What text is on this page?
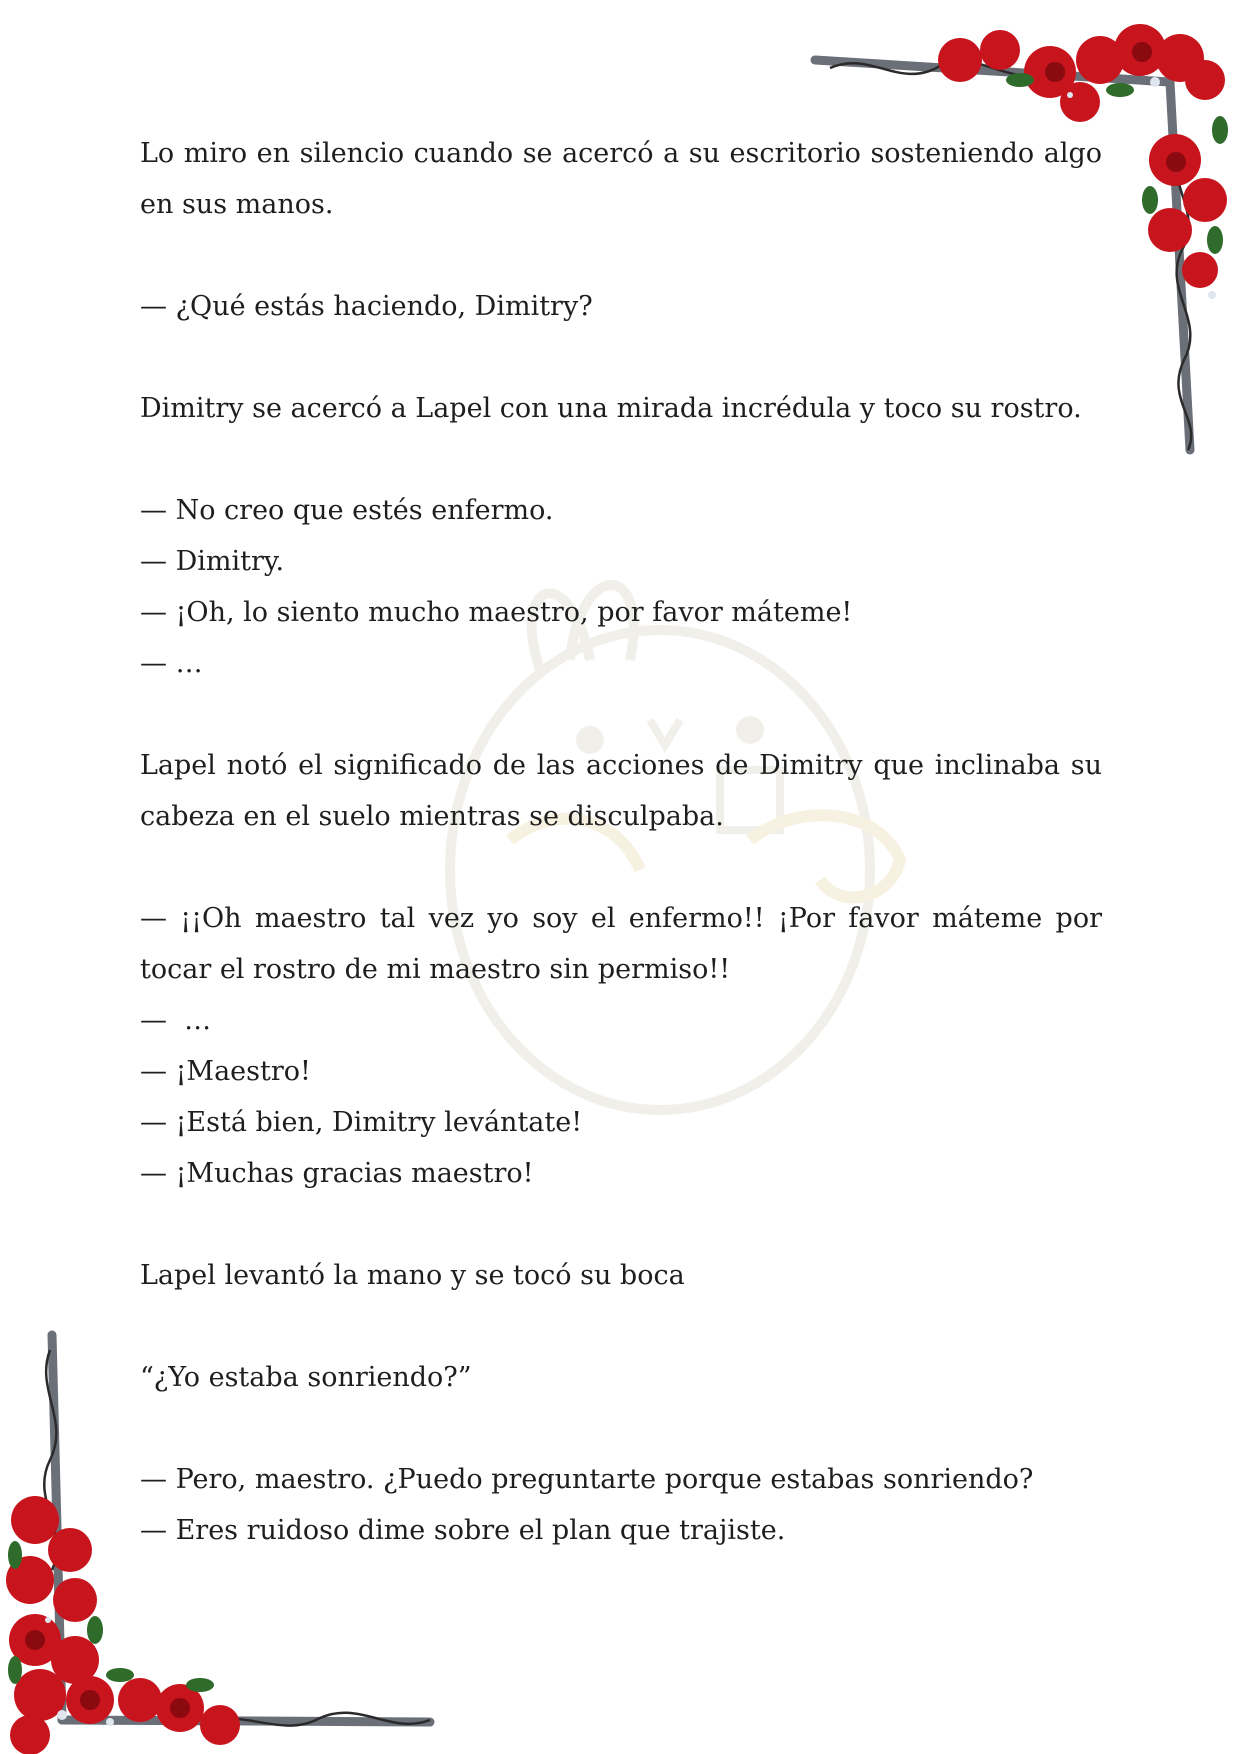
Lo miro en silencio cuando se acercó a su escritorio sosteniendo algo en sus manos.

— ¿Qué estás haciendo, Dimitry?

Dimitry se acercó a Lapel con una mirada incrédula y toco su rostro.

— No creo que estés enfermo.
— Dimitry.
— ¡Oh, lo siento mucho maestro, por favor máteme!
— …

Lapel notó el significado de las acciones de Dimitry que inclinaba su cabeza en el suelo mientras se disculpaba.

— ¡¡Oh maestro tal vez yo soy el enfermo!! ¡Por favor máteme por tocar el rostro de mi maestro sin permiso!!

—  …
— ¡Maestro!
— ¡Está bien, Dimitry levántate!
— ¡Muchas gracias maestro!

Lapel levantó la mano y se tocó su boca

“¿Yo estaba sonriendo?”

— Pero, maestro. ¿Puedo preguntarte porque estabas sonriendo?
— Eres ruidoso dime sobre el plan que trajiste.
